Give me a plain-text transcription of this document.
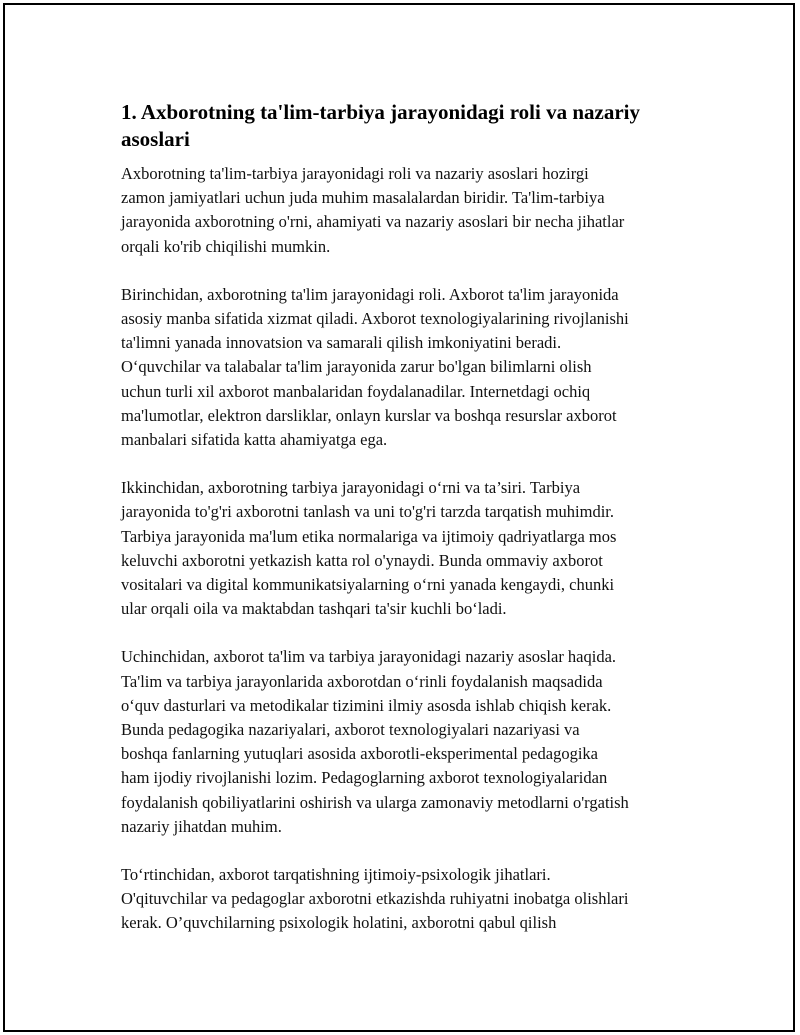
1. Axborotning ta'lim-tarbiya jarayonidagi roli va nazariy
asoslari

Axborotning ta'lim-tarbiya jarayonidagi roli va nazariy asoslari hozirgi
zamon jamiyatlari uchun juda muhim masalalardan biridir. Ta'lim-tarbiya
jarayonida axborotning o'rni, ahamiyati va nazariy asoslari bir necha jihatlar
orqali ko'rib chiqilishi mumkin.

Birinchidan, axborotning ta'lim jarayonidagi roli. Axborot ta'lim jarayonida
asosiy manba sifatida xizmat qiladi. Axborot texnologiyalarining rivojlanishi
ta'limni yanada innovatsion va samarali qilish imkoniyatini beradi.
O‘quvchilar va talabalar ta'lim jarayonida zarur bo'lgan bilimlarni olish
uchun turli xil axborot manbalaridan foydalanadilar. Internetdagi ochiq
ma'lumotlar, elektron darsliklar, onlayn kurslar va boshqa resurslar axborot
manbalari sifatida katta ahamiyatga ega.

Ikkinchidan, axborotning tarbiya jarayonidagi o‘rni va ta’siri. Tarbiya
jarayonida to'g'ri axborotni tanlash va uni to'g'ri tarzda tarqatish muhimdir.
Tarbiya jarayonida ma'lum etika normalariga va ijtimoiy qadriyatlarga mos
keluvchi axborotni yetkazish katta rol o'ynaydi. Bunda ommaviy axborot
vositalari va digital kommunikatsiyalarning o‘rni yanada kengaydi, chunki
ular orqali oila va maktabdan tashqari ta'sir kuchli bo‘ladi.

Uchinchidan, axborot ta'lim va tarbiya jarayonidagi nazariy asoslar haqida.
Ta'lim va tarbiya jarayonlarida axborotdan o‘rinli foydalanish maqsadida
o‘quv dasturlari va metodikalar tizimini ilmiy asosda ishlab chiqish kerak.
Bunda pedagogika nazariyalari, axborot texnologiyalari nazariyasi va
boshqa fanlarning yutuqlari asosida axborotli-eksperimental pedagogika
ham ijodiy rivojlanishi lozim. Pedagoglarning axborot texnologiyalaridan
foydalanish qobiliyatlarini oshirish va ularga zamonaviy metodlarni o'rgatish
nazariy jihatdan muhim.

To‘rtinchidan, axborot tarqatishning ijtimoiy-psixologik jihatlari.
O'qituvchilar va pedagoglar axborotni etkazishda ruhiyatni inobatga olishlari
kerak. O’quvchilarning psixologik holatini, axborotni qabul qilish
